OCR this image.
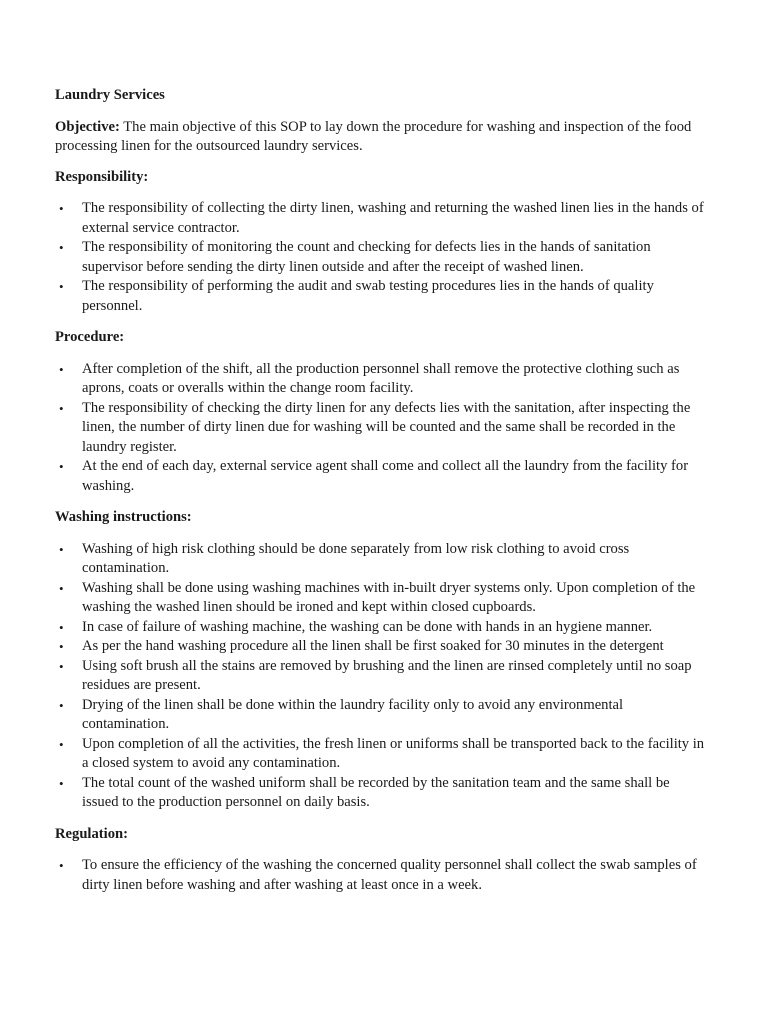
Laundry Services

Objective: The main objective of this SOP to lay down the procedure for washing and inspection of the food processing linen for the outsourced laundry services.

Responsibility:
• The responsibility of collecting the dirty linen, washing and returning the washed linen lies in the hands of external service contractor.
• The responsibility of monitoring the count and checking for defects lies in the hands of sanitation supervisor before sending the dirty linen outside and after the receipt of washed linen.
• The responsibility of performing the audit and swab testing procedures lies in the hands of quality personnel.
Procedure:
• After completion of the shift, all the production personnel shall remove the protective clothing such as aprons, coats or overalls within the change room facility.
• The responsibility of checking the dirty linen for any defects lies with the sanitation, after inspecting the linen, the number of dirty linen due for washing will be counted and the same shall be recorded in the laundry register.
• At the end of each day, external service agent shall come and collect all the laundry from the facility for washing.
Washing instructions:
• Washing of high risk clothing should be done separately from low risk clothing to avoid cross contamination.
• Washing shall be done using washing machines with in-built dryer systems only. Upon completion of the washing the washed linen should be ironed and kept within closed cupboards.
• In case of failure of washing machine, the washing can be done with hands in an hygiene manner.
• As per the hand washing procedure all the linen shall be first soaked for 30 minutes in the detergent
• Using soft brush all the stains are removed by brushing and the linen are rinsed completely until no soap residues are present.
• Drying of the linen shall be done within the laundry facility only to avoid any environmental contamination.
• Upon completion of all the activities, the fresh linen or uniforms shall be transported back to the facility in a closed system to avoid any contamination.
• The total count of the washed uniform shall be recorded by the sanitation team and the same shall be issued to the production personnel on daily basis.
Regulation:
• To ensure the efficiency of the washing the concerned quality personnel shall collect the swab samples of dirty linen before washing and after washing at least once in a week.
